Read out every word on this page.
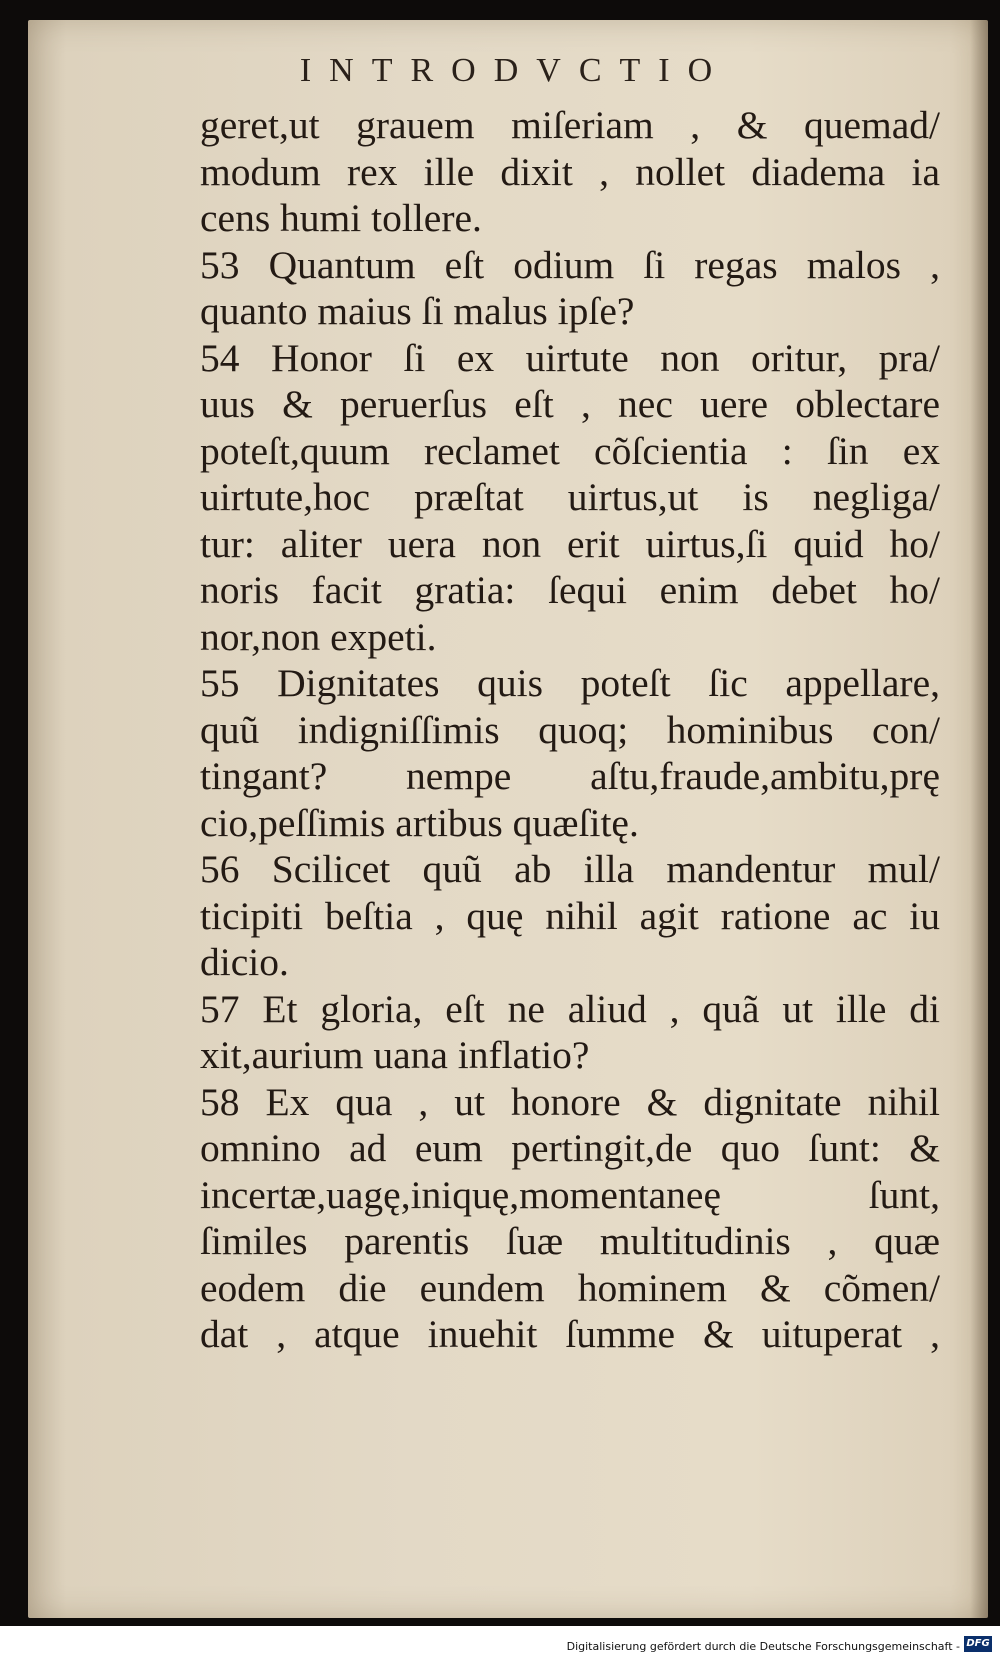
INTRODVCTIO
geret,ut grauem miſeriam , & quemad/
modum rex ille dixit , nollet diadema ia
cens humi tollere.
53 Quantum eſt odium ſi regas malos ,
quanto maius ſi malus ipſe?
54 Honor ſi ex uirtute non oritur, pra/
uus & peruerſus eſt , nec uere oblectare
poteſt,quum reclamet cõſcientia : ſin ex
uirtute,hoc præſtat uirtus,ut is negliga/
tur: aliter uera non erit uirtus,ſi quid ho/
noris facit gratia: ſequi enim debet ho/
nor,non expeti.
55 Dignitates quis poteſt ſic appellare,
quũ indigniſſimis quoq; hominibus con/
tingant? nempe aſtu,fraude,ambitu,prę
cio,peſſimis artibus quæſitę.
56 Scilicet quũ ab illa mandentur mul/
ticipiti beſtia , quę nihil agit ratione ac iu
dicio.
57 Et gloria, eſt ne aliud , quã ut ille di
xit,aurium uana inflatio?
58 Ex qua , ut honore & dignitate nihil
omnino ad eum pertingit,de quo ſunt: &
incertæ,uagę,iniquę,momentaneę ſunt,
ſimiles parentis ſuæ multitudinis , quæ
eodem die eundem hominem & cõmen/
dat , atque inuehit ſumme & uituperat ,
Digitalisierung gefördert durch die Deutsche Forschungsgemeinschaft - DFG
